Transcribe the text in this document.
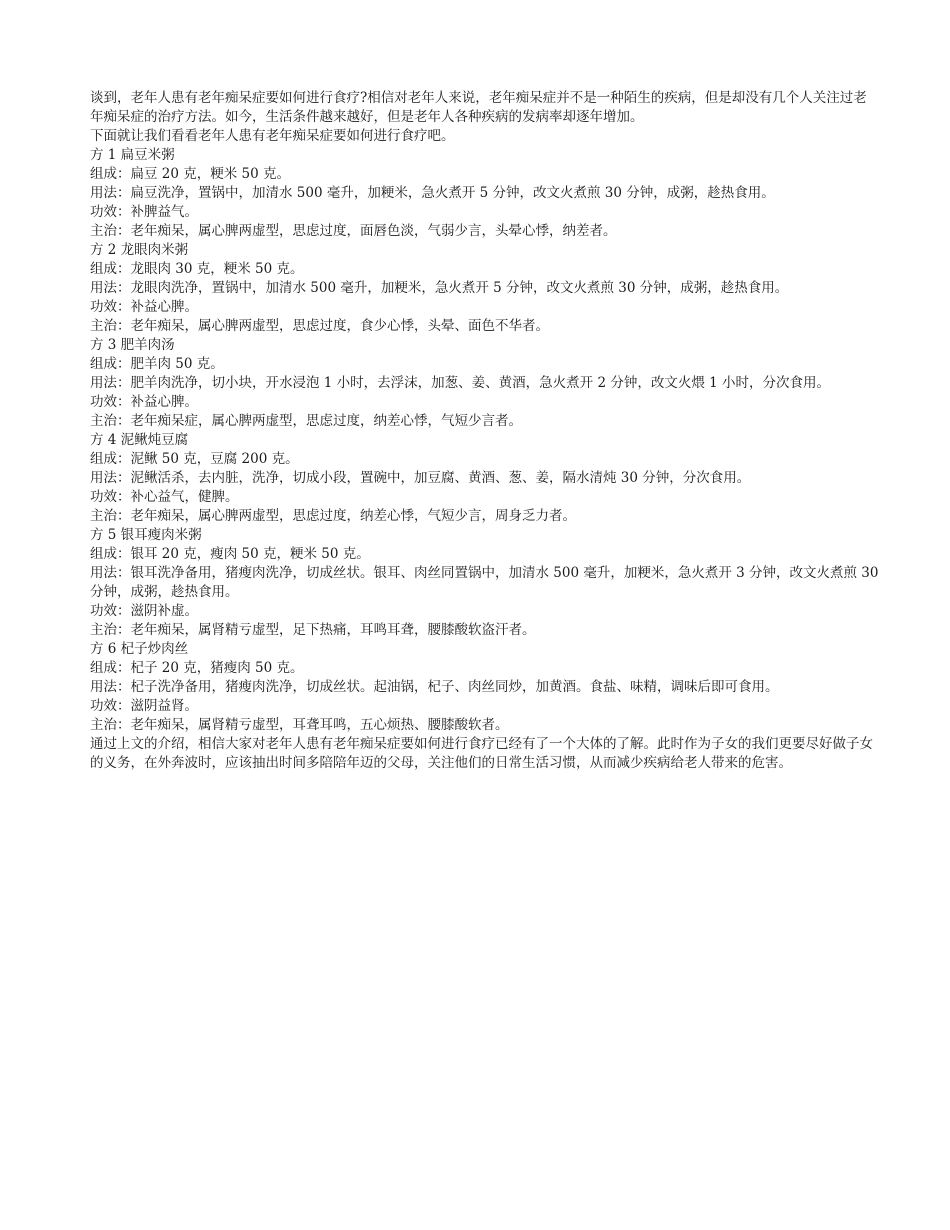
谈到，老年人患有老年痴呆症要如何进行食疗?相信对老年人来说，老年痴呆症并不是一种陌生的疾病，但是却没有几个人关注过老年痴呆症的治疗方法。如今，生活条件越来越好，但是老年人各种疾病的发病率却逐年增加。

下面就让我们看看老年人患有老年痴呆症要如何进行食疗吧。

方 1 扁豆米粥

组成：扁豆 20 克，粳米 50 克。

用法：扁豆洗净，置锅中，加清水 500 毫升，加粳米，急火煮开 5 分钟，改文火煮煎 30 分钟，成粥，趁热食用。

功效：补脾益气。

主治：老年痴呆，属心脾两虚型，思虑过度，面唇色淡，气弱少言，头晕心悸，纳差者。

方 2 龙眼肉米粥

组成：龙眼肉 30 克，粳米 50 克。

用法：龙眼肉洗净，置锅中，加清水 500 毫升，加粳米，急火煮开 5 分钟，改文火煮煎 30 分钟，成粥，趁热食用。

功效：补益心脾。

主治：老年痴呆，属心脾两虚型，思虑过度，食少心悸，头晕、面色不华者。

方 3 肥羊肉汤

组成：肥羊肉 50 克。

用法：肥羊肉洗净，切小块，开水浸泡 1 小时，去浮沫，加葱、姜、黄酒，急火煮开 2 分钟，改文火煨 1 小时，分次食用。

功效：补益心脾。

主治：老年痴呆症，属心脾两虚型，思虑过度，纳差心悸，气短少言者。

方 4 泥鳅炖豆腐

组成：泥鳅 50 克，豆腐 200 克。

用法：泥鳅活杀，去内脏，洗净，切成小段，置碗中，加豆腐、黄酒、葱、姜，隔水清炖 30 分钟，分次食用。

功效：补心益气，健脾。

主治：老年痴呆，属心脾两虚型，思虑过度，纳差心悸，气短少言，周身乏力者。

方 5 银耳瘦肉米粥

组成：银耳 20 克，瘦肉 50 克，粳米 50 克。

用法：银耳洗净备用，猪瘦肉洗净，切成丝状。银耳、肉丝同置锅中，加清水 500 毫升，加粳米，急火煮开 3 分钟，改文火煮煎 30 分钟，成粥，趁热食用。

功效：滋阴补虚。

主治：老年痴呆，属肾精亏虚型，足下热痛，耳鸣耳聋，腰膝酸软盗汗者。

方 6 杞子炒肉丝

组成：杞子 20 克，猪瘦肉 50 克。

用法：杞子洗净备用，猪瘦肉洗净，切成丝状。起油锅，杞子、肉丝同炒，加黄酒。食盐、味精，调味后即可食用。

功效：滋阴益肾。

主治：老年痴呆，属肾精亏虚型，耳聋耳鸣，五心烦热、腰膝酸软者。

通过上文的介绍，相信大家对老年人患有老年痴呆症要如何进行食疗已经有了一个大体的了解。此时作为子女的我们更要尽好做子女的义务，在外奔波时，应该抽出时间多陪陪年迈的父母，关注他们的日常生活习惯，从而减少疾病给老人带来的危害。
